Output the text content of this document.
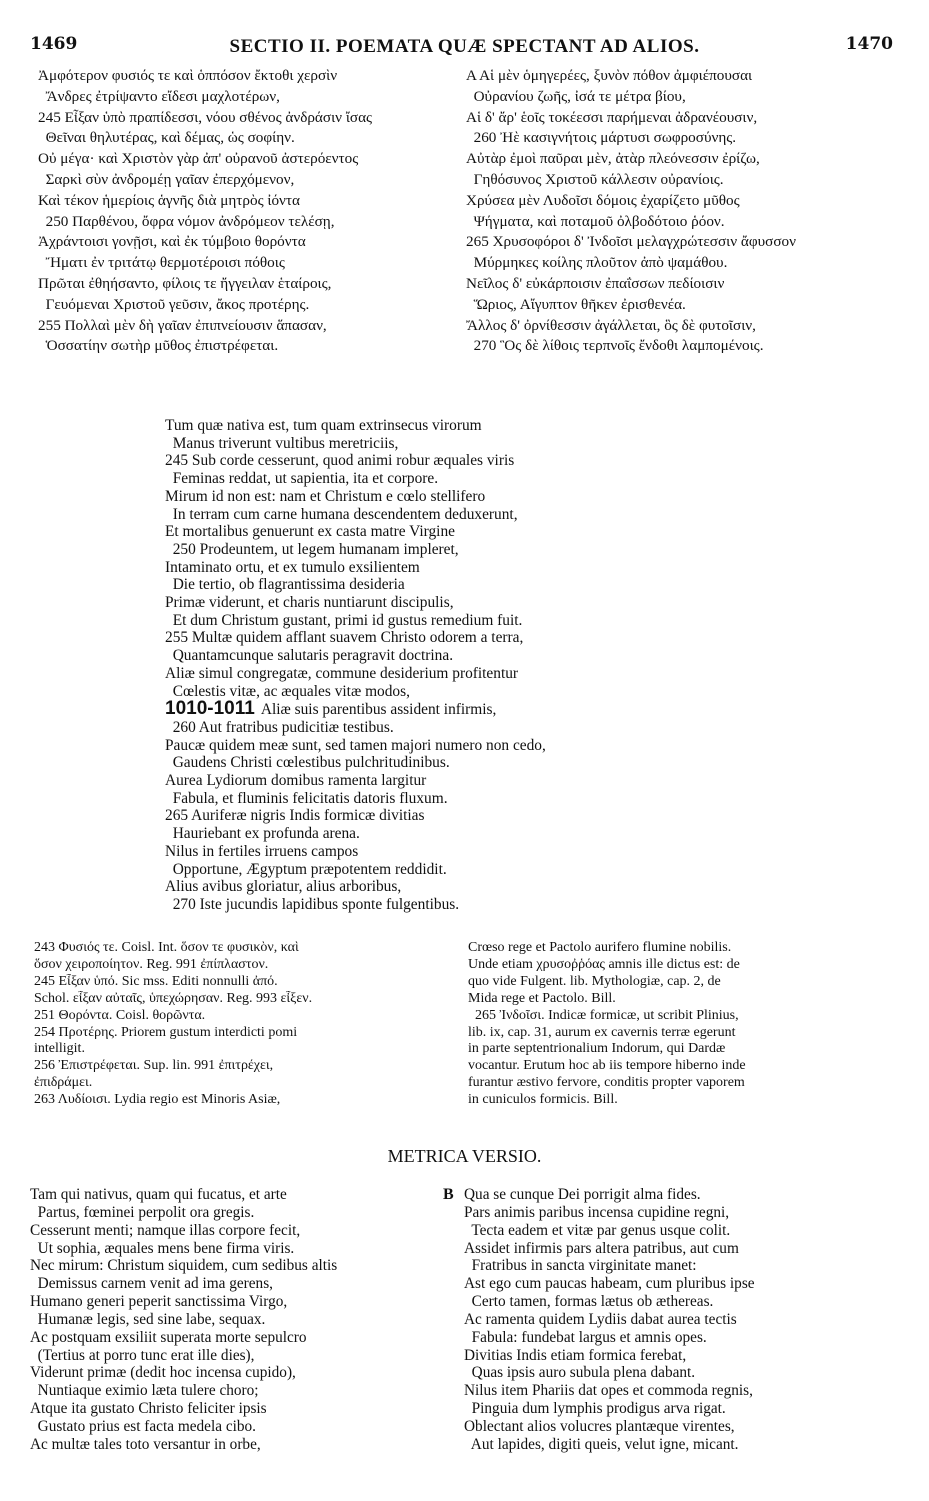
1469	SECTIO II. POEMATA QUÆ SPECTANT AD ALIOS.	1470
Ἀμφότερον φυσιός τε καὶ ὁππόσον ἔκτοθι χερσὶν
Ἄνδρες ἐτρίψαντο εἴδεσι μαχλοτέρων,
245 Εἶξαν ὑπὸ πραπίδεσσι, νόου σθένος ἀνδράσιν ἴσας
Θεῖναι θηλυτέρας, καὶ δέμας, ὡς σοφίην.
Οὐ μέγα· καὶ Χριστὸν γὰρ ἀπ' οὐρανοῦ ἀστερόεντος
Σαρκὶ σὺν ἀνδρομέῃ γαῖαν ἐπερχόμενον,
Καὶ τέκον ἡμερίοις ἁγνῆς διὰ μητρὸς ἰόντα
250 Παρθένου, ὄφρα νόμον ἀνδρόμεον τελέσῃ,
Ἀχράντοισι γονῇσι, καὶ ἐκ τύμβοιο θορόντα
Ἤματι ἐν τριτάτῳ θερμοτέροισι πόθοις
Πρῶται ἐθηήσαντο, φίλοις τε ἤγγειλαν ἑταίροις,
Γευόμεναι Χριστοῦ γεῦσιν, ἄκος προτέρης.
255 Πολλαὶ μὲν δὴ γαῖαν ἐπιπνείουσιν ἅπασαν,
Ὁσσατίην σωτὴρ μῦθος ἐπιστρέφεται.
Α Αἱ μὲν ὁμηγερέες, ξυνὸν πόθον ἀμφιέπουσαι
Οὐρανίου ζωῆς, ἰσά τε μέτρα βίου,
Αἱ δ' ἄρ' ἑοῖς τοκέεσσι παρήμεναι ἀδρανέουσιν,
260 Ἠὲ κασιγνήτοις μάρτυσι σωφροσύνης.
Αὐτὰρ ἐμοὶ παῦραι μὲν, ἀτὰρ πλεόνεσσιν ἐρίζω,
Γηθόσυνος Χριστοῦ κάλλεσιν οὐρανίοις.
Χρύσεα μὲν Λυδοῖσι δόμοις ἐχαρίζετο μῦθος
Ψήγματα, καὶ ποταμοῦ ὀλβοδότοιο ῥόον.
265 Χρυσοφόροι δ' Ἰνδοῖσι μελαγχρώτεσσιν ἄφυσσον
Μύρμηκες κοίλης πλοῦτον ἀπὸ ψαμάθου.
Νεῖλος δ' εὐκάρποισιν ἐπαΐσσων πεδίοισιν
Ὥριος, Αἴγυπτον θῆκεν ἐρισθενέα.
Ἄλλος δ' ὀρνίθεσσιν ἀγάλλεται, ὃς δὲ φυτοῖσιν,
270 Ὃς δὲ λίθοις τερπνοῖς ἔνδοθι λαμπομένοις.
Tum quæ nativa est, tum quam extrinsecus virorum
Manus triverunt vultibus meretriciis,
245 Sub corde cesserunt, quod animi robur æquales viris
Feminas reddat, ut sapientia, ita et corpore.
Mirum id non est: nam et Christum e cœlo stellifero
In terram cum carne humana descendentem deduxerunt,
Et mortalibus genuerunt ex casta matre Virgine
250 Prodeuntem, ut legem humanam impleret,
Intaminato ortu, et ex tumulo exsilientem
Die tertio, ob flagrantissima desideria
Primæ viderunt, et charis nuntiarunt discipulis,
Et dum Christum gustant, primi id gustus remedium fuit.
255 Multæ quidem afflant suavem Christo odorem a terra,
Quantamcunque salutaris peragravit doctrina.
Aliæ simul congregatæ, commune desiderium profitentur
Cœlestis vitæ, ac æquales vitæ modos,
1010-1011 Aliæ suis parentibus assident infirmis,
260 Aut fratribus pudicitiæ testibus.
Paucæ quidem meæ sunt, sed tamen majori numero non cedo,
Gaudens Christi cœlestibus pulchritudinibus.
Aurea Lydiorum domibus ramenta largitur
Fabula, et fluminis felicitatis datoris fluxum.
265 Auriferæ nigris Indis formicæ divitias
Hauriebant ex profunda arena.
Nilus in fertiles irruens campos
Opportune, Ægyptum præpotentem reddidit.
Alius avibus gloriatur, alius arboribus,
270 Iste jucundis lapidibus sponte fulgentibus.
243 Φυσιός τε. Coisl. Int. ὅσον τε φυσικὸν, καὶ
ὅσον χειροποίητον. Reg. 991 ἐπίπλαστον.
245 Εἶξαν ὑπό. Sic mss. Editi nonnulli ἀπό.
Schol. εἶξαν αὐταῖς, ὑπεχώρησαν. Reg. 993 εἶξεν.
251 Θορόντα. Coisl. θορῶντα.
254 Προτέρης. Priorem gustum interdicti pomi
intelligit.
256 Ἐπιστρέφεται. Sup. lin. 991 ἐπιτρέχει,
ἐπιδράμει.
263 Λυδίοισι. Lydia regio est Minoris Asiæ,
Crœso rege et Pactolo aurifero flumine nobilis.
Unde etiam χρυσοῤῥόας amnis ille dictus est: de
quo vide Fulgent. lib. Mythologiæ, cap. 2, de
Mida rege et Pactolo. Bill.
265 Ἰνδοῖσι. Indicæ formicæ, ut scribit Plinius,
lib. ix, cap. 31, aurum ex cavernis terræ egerunt
in parte septentrionalium Indorum, qui Dardæ
vocantur. Erutum hoc ab iis tempore hiberno inde
furantur æstivo fervore, conditis propter vaporem
in cuniculos formicis. Bill.
METRICA VERSIO.
Tam qui nativus, quam qui fucatus, et arte
Partus, fœminei perpolit ora gregis.
Cesserunt menti; namque illas corpore fecit,
Ut sophia, æquales mens bene firma viris.
Nec mirum: Christum siquidem, cum sedibus altis
Demissus carnem venit ad ima gerens,
Humano generi peperit sanctissima Virgo,
Humanæ legis, sed sine labe, sequax.
Ac postquam exsiliit superata morte sepulcro
(Tertius at porro tunc erat ille dies),
Viderunt primæ (dedit hoc incensa cupido),
Nuntiaque eximio læta tulere choro;
Atque ita gustato Christo feliciter ipsis
Gustato prius est facta medela cibo.
Ac multæ tales toto versantur in orbe,
B Qua se cunque Dei porrigit alma fides.
Pars animis paribus incensa cupidine regni,
Tecta eadem et vitæ par genus usque colit.
Assidet infirmis pars altera patribus, aut cum
Fratribus in sancta virginitate manet:
Ast ego cum paucas habeam, cum pluribus ipse
Certo tamen, formas lætus ob æthereas.
Ac ramenta quidem Lydiis dabat aurea tectis
Fabula: fundebat largus et amnis opes.
Divitias Indis etiam formica ferebat,
Quas ipsis auro subula plena dabant.
Nilus item Phariis dat opes et commoda regnis,
Pinguia dum lymphis prodigus arva rigat.
Oblectant alios volucres plantæque virentes,
Aut lapides, digiti queis, velut igne, micant.
